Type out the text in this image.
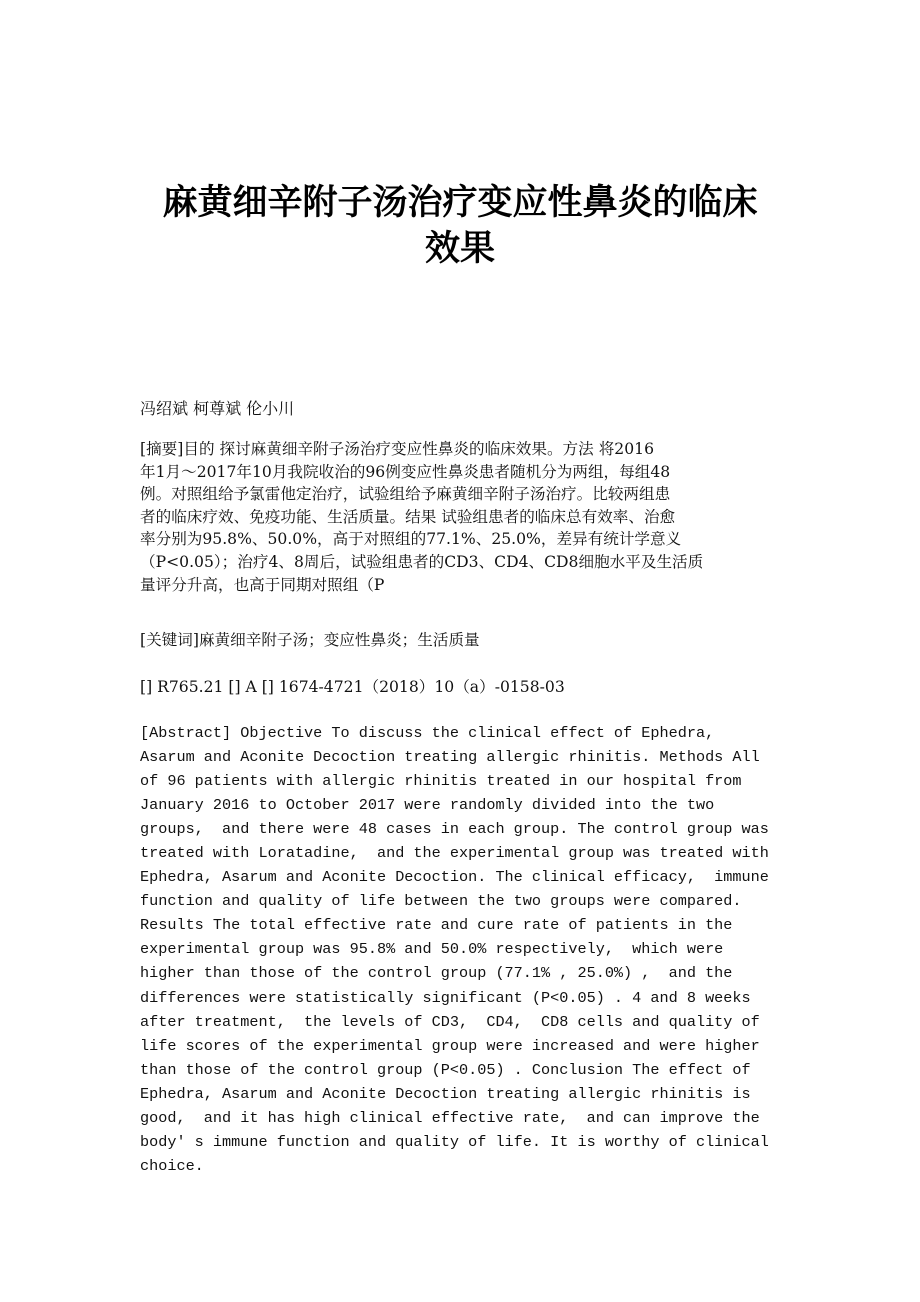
麻黄细辛附子汤治疗变应性鼻炎的临床
效果
冯绍斌 柯尊斌 伦小川
[摘要]目的 探讨麻黄细辛附子汤治疗变应性鼻炎的临床效果。方法 将2016
年1月～2017年10月我院收治的96例变应性鼻炎患者随机分为两组，每组48
例。对照组给予氯雷他定治疗，试验组给予麻黄细辛附子汤治疗。比较两组患
者的临床疗效、免疫功能、生活质量。结果 试验组患者的临床总有效率、治愈
率分别为95.8%、50.0%，高于对照组的77.1%、25.0%，差异有统计学意义
（P<0.05）；治疗4、8周后，试验组患者的CD3、CD4、CD8细胞水平及生活质
量评分升高，也高于同期对照组（P
[关键词]麻黄细辛附子汤；变应性鼻炎；生活质量
[] R765.21 [] A [] 1674-4721（2018）10（a）-0158-03
[Abstract] Objective To discuss the clinical effect of Ephedra,
Asarum and Aconite Decoction treating allergic rhinitis. Methods All
of 96 patients with allergic rhinitis treated in our hospital from
January 2016 to October 2017 were randomly divided into the two
groups,  and there were 48 cases in each group. The control group was
treated with Loratadine,  and the experimental group was treated with
Ephedra, Asarum and Aconite Decoction. The clinical efficacy,  immune
function and quality of life between the two groups were compared.
Results The total effective rate and cure rate of patients in the
experimental group was 95.8% and 50.0% respectively,  which were
higher than those of the control group (77.1% , 25.0%) ,  and the
differences were statistically significant (P<0.05) . 4 and 8 weeks
after treatment,  the levels of CD3,  CD4,  CD8 cells and quality of
life scores of the experimental group were increased and were higher
than those of the control group (P<0.05) . Conclusion The effect of
Ephedra, Asarum and Aconite Decoction treating allergic rhinitis is
good,  and it has high clinical effective rate,  and can improve the
body' s immune function and quality of life. It is worthy of clinical
choice.
